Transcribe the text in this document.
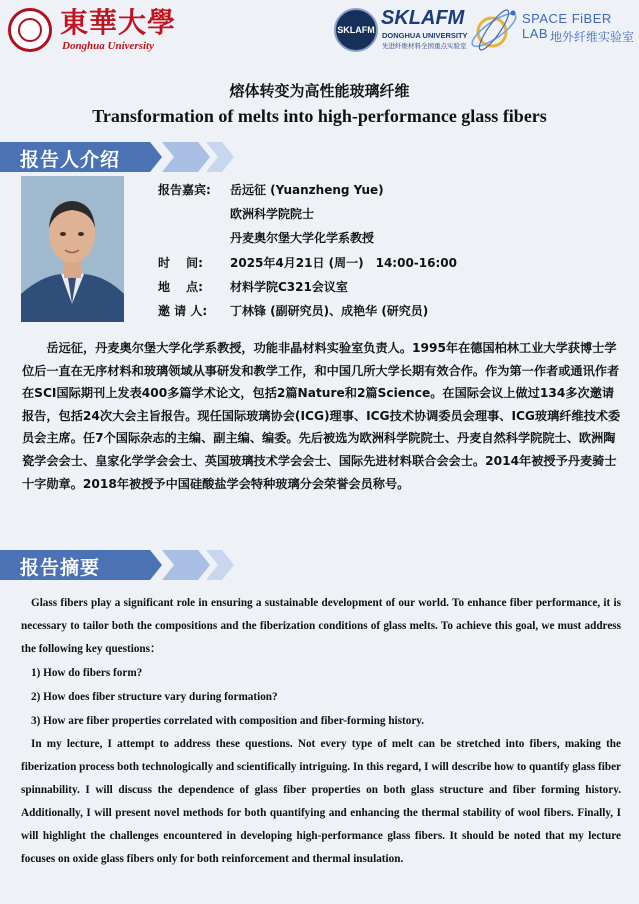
東華大學
Donghua University
SKLAFM
SKLAFM
DONGHUA UNIVERSITY
先进纤维材料全国重点实验室
SPACE FiBER LAB 地外纤维实验室
熔体转变为高性能玻璃纤维
Transformation of melts into high-performance glass fibers
报告人介绍
报告嘉宾: 岳远征 (Yuanzheng Yue)
欧洲科学院院士
丹麦奥尔堡大学化学系教授
时　 间: 2025年4月21日 (周一)　14:00-16:00
地　 点: 材料学院C321会议室
邀 请 人: 丁林锋 (副研究员)、成艳华 (研究员)

岳远征，丹麦奥尔堡大学化学系教授，功能非晶材料实验室负责人。1995年在德国柏林工业大学获博士学位后一直在无序材料和玻璃领域从事研发和教学工作，和中国几所大学长期有效合作。作为第一作者或通讯作者在SCI国际期刊上发表400多篇学术论文，包括2篇Nature和2篇Science。在国际会议上做过134多次邀请报告，包括24次大会主旨报告。现任国际玻璃协会(ICG)理事、ICG技术协调委员会理事、ICG玻璃纤维技术委员会主席。任7个国际杂志的主编、副主编、编委。先后被选为欧洲科学院院士、丹麦自然科学院院士、欧洲陶瓷学会会士、皇家化学学会会士、英国玻璃技术学会会士、国际先进材料联合会会士。2014年被授予丹麦骑士十字勋章。2018年被授予中国硅酸盐学会特种玻璃分会荣誉会员称号。

报告摘要

Glass fibers play a significant role in ensuring a sustainable development of our world. To enhance fiber performance, it is necessary to tailor both the compositions and the fiberization conditions of glass melts. To achieve this goal, we must address the following key questions：

1) How do fibers form?

2) How does fiber structure vary during formation?

3) How are fiber properties correlated with composition and fiber-forming history.

In my lecture, I attempt to address these questions. Not every type of melt can be stretched into fibers, making the fiberization process both technologically and scientifically intriguing. In this regard, I will describe how to quantify glass fiber spinnability. I will discuss the dependence of glass fiber properties on both glass structure and fiber forming history. Additionally, I will present novel methods for both quantifying and enhancing the thermal stability of wool fibers. Finally, I will highlight the challenges encountered in developing high-performance glass fibers. It should be noted that my lecture focuses on oxide glass fibers only for both reinforcement and thermal insulation.
